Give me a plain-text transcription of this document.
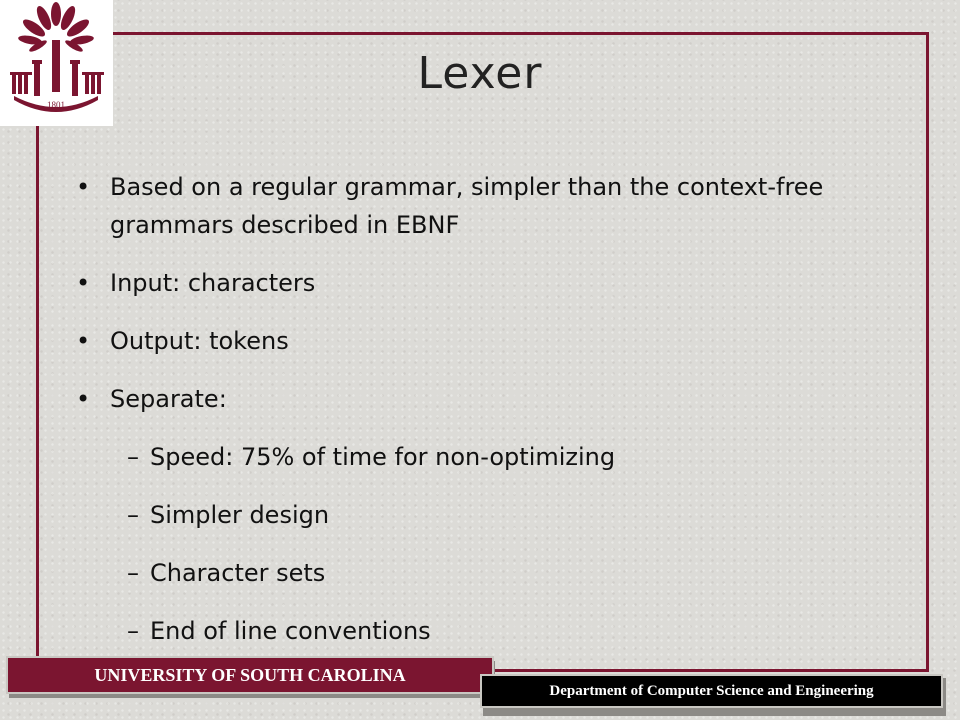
1801
Lexer
• Based on a regular grammar, simpler than the context-free grammars described in EBNF
• Input: characters
• Output: tokens
• Separate:
– Speed: 75% of time for non-optimizing
– Simpler design
– Character sets
– End of line conventions
UNIVERSITY OF SOUTH CAROLINA
Department of Computer Science and Engineering
